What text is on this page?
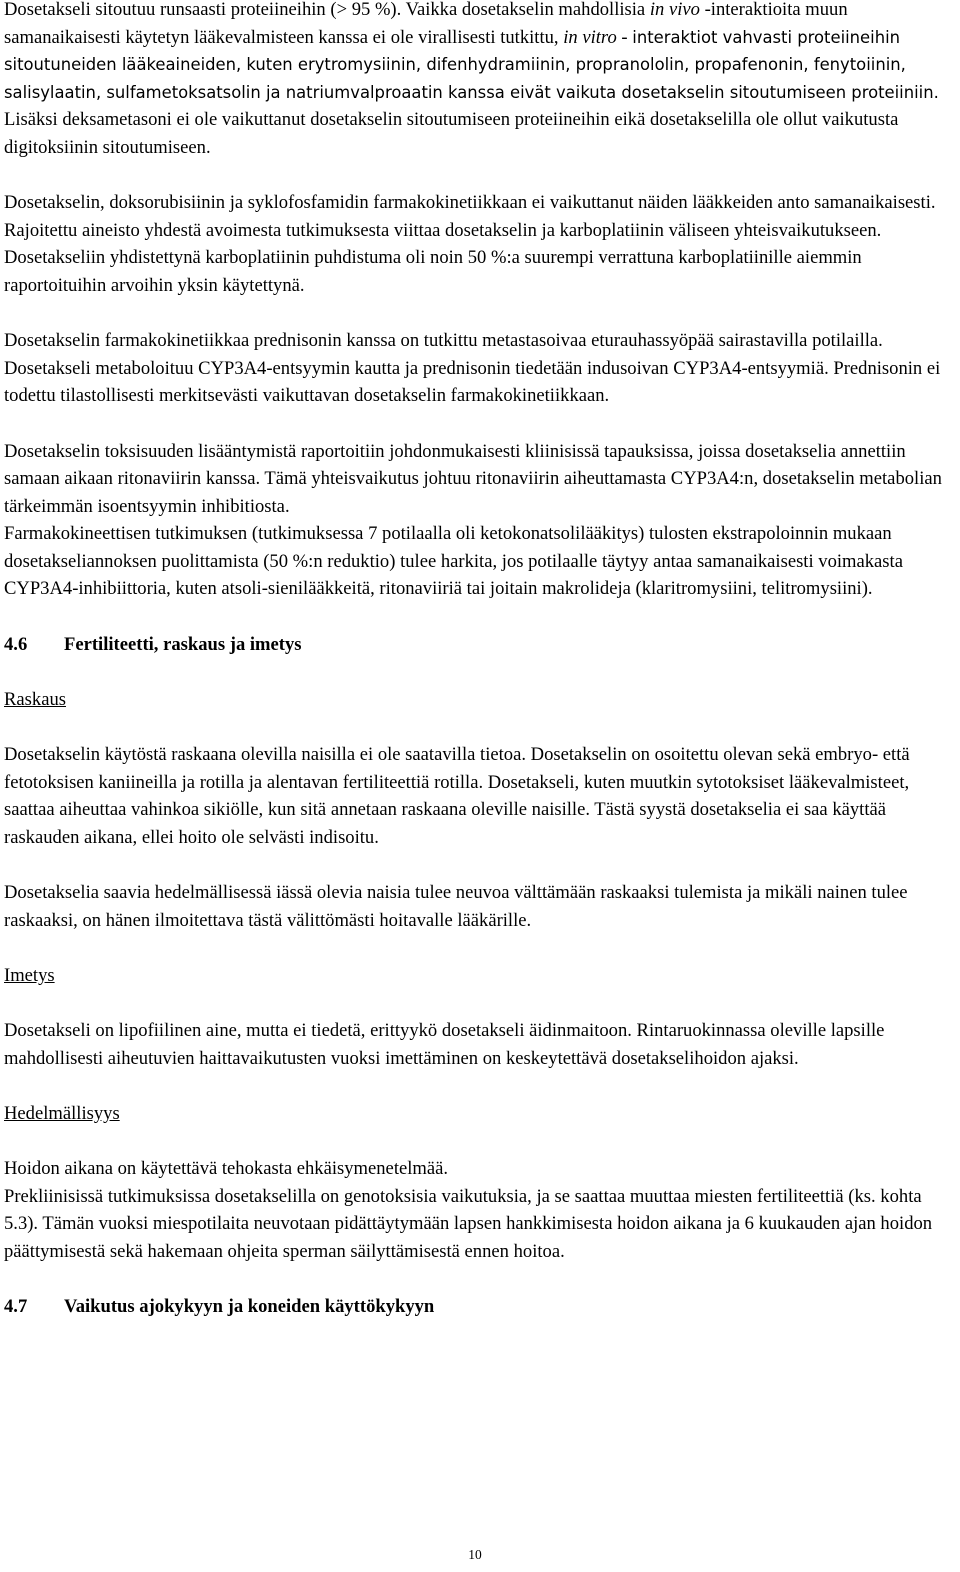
Dosetakseli sitoutuu runsaasti proteiineihin (> 95 %). Vaikka dosetakselin mahdollisia in vivo -interaktioita muun samanaikaisesti käytetyn lääkevalmisteen kanssa ei ole virallisesti tutkittu, in vitro - interaktiot vahvasti proteiineihin sitoutuneiden lääkeaineiden, kuten erytromysiinin, difenhydramiinin, propranololin, propafenonin, fenytoiinin, salisylaatin, sulfametoksatsolin ja natriumvalproaatin kanssa eivät vaikuta dosetakselin sitoutumiseen proteiiniin. Lisäksi deksametasoni ei ole vaikuttanut dosetakselin sitoutumiseen proteiineihin eikä dosetakselilla ole ollut vaikutusta digitoksiinin sitoutumiseen.

Dosetakselin, doksorubisiinin ja syklofosfamidin farmakokinetiikkaan ei vaikuttanut näiden lääkkeiden anto samanaikaisesti. Rajoitettu aineisto yhdestä avoimesta tutkimuksesta viittaa dosetakselin ja karboplatiinin väliseen yhteisvaikutukseen. Dosetakseliin yhdistettynä karboplatiinin puhdistuma oli noin 50 %:a suurempi verrattuna karboplatiinille aiemmin raportoituihin arvoihin yksin käytettynä.

Dosetakselin farmakokinetiikkaa prednisonin kanssa on tutkittu metastasoivaa eturauhassyöpää sairastavilla potilailla. Dosetakseli metaboloituu CYP3A4-entsyymin kautta ja prednisonin tiedetään indusoivan CYP3A4-entsyymiä. Prednisonin ei todettu tilastollisesti merkitsevästi vaikuttavan dosetakselin farmakokinetiikkaan.

Dosetakselin toksisuuden lisääntymistä raportoitiin johdonmukaisesti kliinisissä tapauksissa, joissa dosetakselia annettiin samaan aikaan ritonaviirin kanssa. Tämä yhteisvaikutus johtuu ritonaviirin aiheuttamasta CYP3A4:n, dosetakselin metabolian tärkeimmän isoentsyymin inhibitiosta.

Farmakokineettisen tutkimuksen (tutkimuksessa 7 potilaalla oli ketokonatsolilääkitys) tulosten ekstrapoloinnin mukaan dosetakseliannoksen puolittamista (50 %:n reduktio) tulee harkita, jos potilaalle täytyy antaa samanaikaisesti voimakasta CYP3A4-inhibiittoria, kuten atsoli-sienilääkkeitä, ritonaviiriä tai joitain makrolideja (klaritromysiini, telitromysiini).

4.6 Fertiliteetti, raskaus ja imetys

Raskaus

Dosetakselin käytöstä raskaana olevilla naisilla ei ole saatavilla tietoa. Dosetakselin on osoitettu olevan sekä embryo- että fetotoksisen kaniineilla ja rotilla ja alentavan fertiliteettiä rotilla. Dosetakseli, kuten muutkin sytotoksiset lääkevalmisteet, saattaa aiheuttaa vahinkoa sikiölle, kun sitä annetaan raskaana oleville naisille. Tästä syystä dosetakselia ei saa käyttää raskauden aikana, ellei hoito ole selvästi indisoitu.

Dosetakselia saavia hedelmällisessä iässä olevia naisia tulee neuvoa välttämään raskaaksi tulemista ja mikäli nainen tulee raskaaksi, on hänen ilmoitettava tästä välittömästi hoitavalle lääkärille.

Imetys

Dosetakseli on lipofiilinen aine, mutta ei tiedetä, erittyykö dosetakseli äidinmaitoon. Rintaruokinnassa oleville lapsille mahdollisesti aiheutuvien haittavaikutusten vuoksi imettäminen on keskeytettävä dosetakselihoidon ajaksi.

Hedelmällisyys

Hoidon aikana on käytettävä tehokasta ehkäisymenetelmää.

Prekliinisissä tutkimuksissa dosetakselilla on genotoksisia vaikutuksia, ja se saattaa muuttaa miesten fertiliteettiä (ks. kohta 5.3). Tämän vuoksi miespotilaita neuvotaan pidättäytymään lapsen hankkimisesta hoidon aikana ja 6 kuukauden ajan hoidon päättymisestä sekä hakemaan ohjeita sperman säilyttämisestä ennen hoitoa.

4.7 Vaikutus ajokykyyn ja koneiden käyttökykyyn
10
